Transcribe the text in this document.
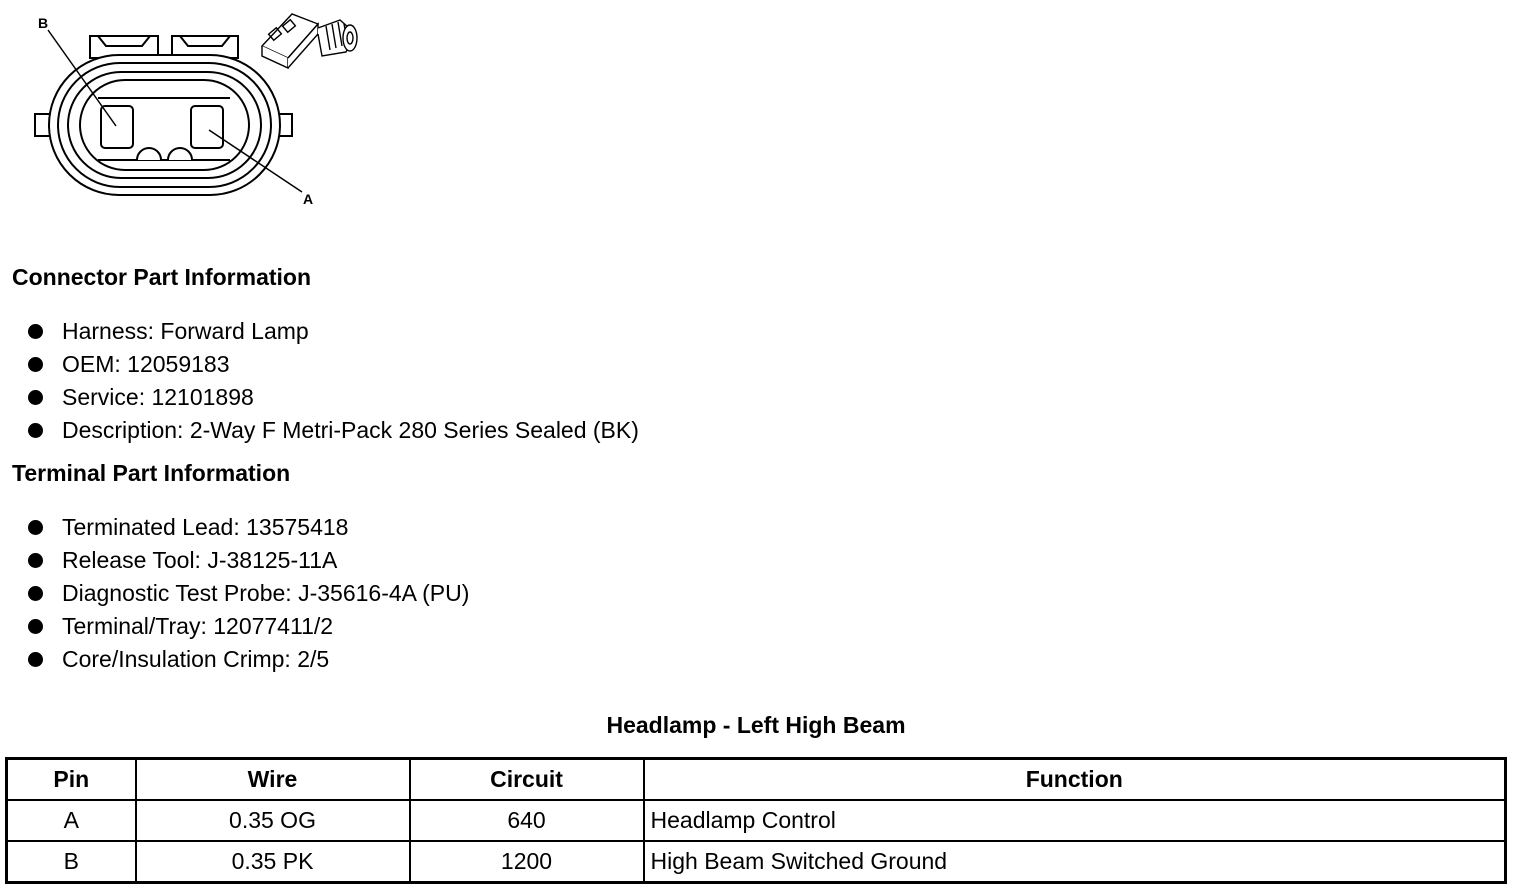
B
A
Connector Part Information
Harness: Forward Lamp
OEM: 12059183
Service: 12101898
Description: 2-Way F Metri-Pack 280 Series Sealed (BK)
Terminal Part Information
Terminated Lead: 13575418
Release Tool: J-38125-11A
Diagnostic Test Probe: J-35616-4A (PU)
Terminal/Tray: 12077411/2
Core/Insulation Crimp: 2/5
Headlamp - Left High Beam
Pin	Wire	Circuit	Function
A	0.35 OG	640	Headlamp Control
B	0.35 PK	1200	High Beam Switched Ground
